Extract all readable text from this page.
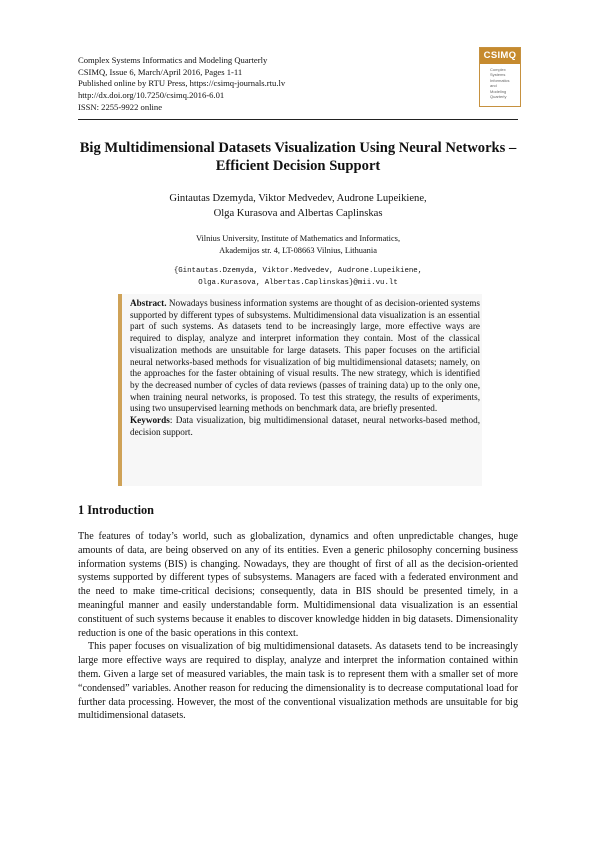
Complex Systems Informatics and Modeling Quarterly
CSIMQ, Issue 6, March/April 2016, Pages 1-11
Published online by RTU Press, https://csimq-journals.rtu.lv
http://dx.doi.org/10.7250/csimq.2016-6.01
ISSN: 2255-9922 online
CSIMQ
Complex
Systems
Informatics
and
Modeling
Quarterly
Big Multidimensional Datasets Visualization Using Neural Networks – Efficient Decision Support
Gintautas Dzemyda, Viktor Medvedev, Audrone Lupeikiene,
Olga Kurasova and Albertas Caplinskas
Vilnius University, Institute of Mathematics and Informatics,
Akademijos str. 4, LT-08663 Vilnius, Lithuania
{Gintautas.Dzemyda, Viktor.Medvedev, Audrone.Lupeikiene,
Olga.Kurasova, Albertas.Caplinskas}@mii.vu.lt

Abstract. Nowadays business information systems are thought of as decision-oriented systems supported by different types of subsystems. Multidimensional data visualization is an essential part of such systems. As datasets tend to be increasingly large, more effective ways are required to display, analyze and interpret information they contain. Most of the classical visualization methods are unsuitable for large datasets. This paper focuses on the artificial neural networks-based methods for visualization of big multidimensional datasets; namely, on the approaches for the faster obtaining of visual results. The new strategy, which is identified by the decreased number of cycles of data reviews (passes of training data) up to the only one, when training neural networks, is proposed. To test this strategy, the results of experiments, using two unsupervised learning methods on benchmark data, are briefly presented.

Keywords: Data visualization, big multidimensional dataset, neural networks-based method, decision support.

1 Introduction

The features of today’s world, such as globalization, dynamics and often unpredictable changes, huge amounts of data, are being observed on any of its entities. Even a generic philosophy concerning business information systems (BIS) is changing. Nowadays, they are thought of first of all as the decision-oriented systems supported by different types of subsystems. Managers are faced with a federated environment and the need to make time-critical decisions; consequently, data in BIS should be presented timely, in a meaningful manner and easily understandable form. Multidimensional data visualization is an essential constituent of such systems because it enables to discover knowledge hidden in big datasets. Dimensionality reduction is one of the basic operations in this context.

This paper focuses on visualization of big multidimensional datasets. As datasets tend to be increasingly large more effective ways are required to display, analyze and interpret the information contained within them. Given a large set of measured variables, the main task is to represent them with a smaller set of more “condensed” variables. Another reason for reducing the dimensionality is to decrease computational load for further data processing. However, the most of the conventional visualization methods are unsuitable for big multidimensional datasets.
